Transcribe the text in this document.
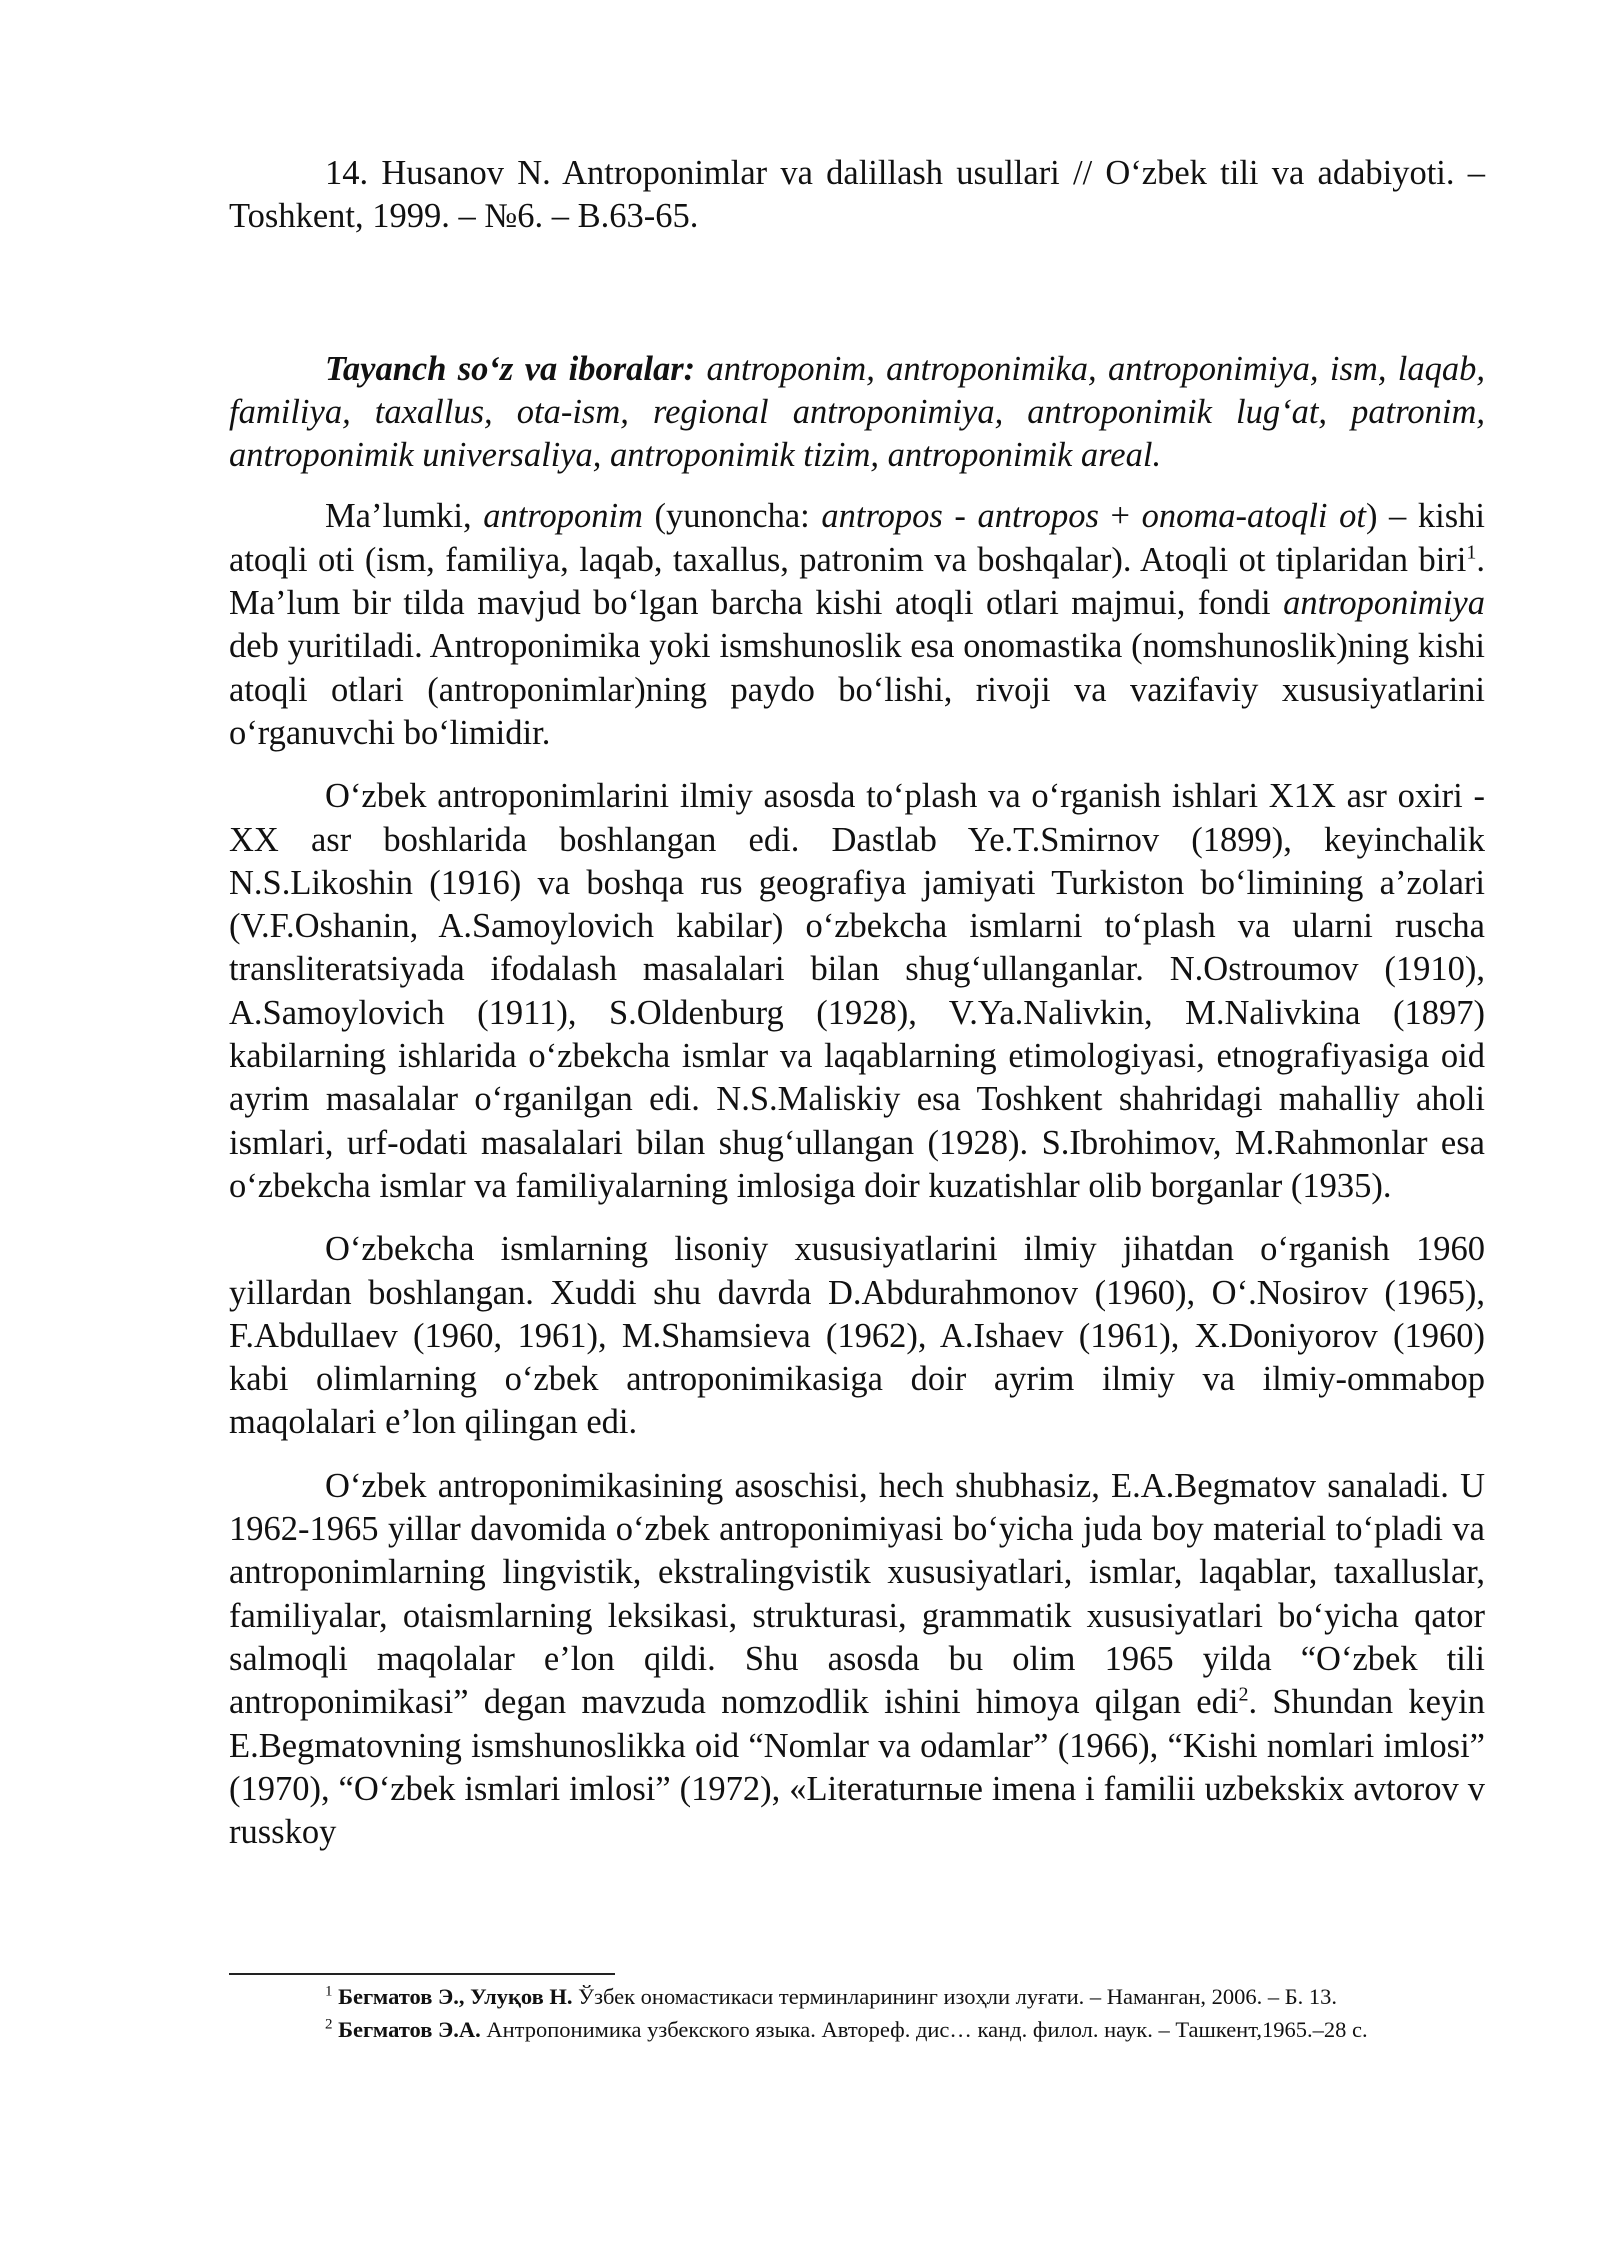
14. Husanov N. Antroponimlar va dalillash usullari // O‘zbek tili va adabiyoti. – Toshkent, 1999. – №6. – B.63-65.

Tayanch so‘z va iboralar: antroponim, antroponimika, antroponimiya, ism, laqab, familiya, taxallus, ota-ism, regional antroponimiya, antroponimik lug‘at, patronim, antroponimik universaliya, antroponimik tizim, antroponimik areal.

Ma’lumki, antroponim (yunoncha: antropos - antropos + onoma-atoqli ot) – kishi atoqli oti (ism, familiya, laqab, taxallus, patronim va boshqalar). Atoqli ot tiplaridan biri$^1$. Ma’lum bir tilda mavjud bo‘lgan barcha kishi atoqli otlari majmui, fondi antroponimiya deb yuritiladi. Antroponimika yoki ismshunoslik esa onomastika (nomshunoslik)ning kishi atoqli otlari (antroponimlar)ning paydo bo‘lishi, rivoji va vazifaviy xususiyatlarini o‘rganuvchi bo‘limidir.

O‘zbek antroponimlarini ilmiy asosda to‘plash va o‘rganish ishlari X1X asr oxiri -XX asr boshlarida boshlangan edi. Dastlab Ye.T.Smirnov (1899), keyinchalik N.S.Likoshin (1916) va boshqa rus geografiya jamiyati Turkiston bo‘limining a’zolari (V.F.Oshanin, A.Samoylovich kabilar) o‘zbekcha ismlarni to‘plash va ularni ruscha transliteratsiyada ifodalash masalalari bilan shug‘ullanganlar. N.Ostroumov (1910), A.Samoylovich (1911), S.Oldenburg (1928), V.Ya.Nalivkin, M.Nalivkina (1897) kabilarning ishlarida o‘zbekcha ismlar va laqablarning etimologiyasi, etnografiyasiga oid ayrim masalalar o‘rganilgan edi. N.S.Maliskiy esa Toshkent shahridagi mahalliy aholi ismlari, urf-odati masalalari bilan shug‘ullangan (1928). S.Ibrohimov, M.Rahmonlar esa o‘zbekcha ismlar va familiyalarning imlosiga doir kuzatishlar olib borganlar (1935).

O‘zbekcha ismlarning lisoniy xususiyatlarini ilmiy jihatdan o‘rganish 1960 yillardan boshlangan. Xuddi shu davrda D.Abdurahmonov (1960), O‘.Nosirov (1965), F.Abdullaev (1960, 1961), M.Shamsieva (1962), A.Ishaev (1961), X.Doniyorov (1960) kabi olimlarning o‘zbek antroponimikasiga doir ayrim ilmiy va ilmiy-ommabop maqolalari e’lon qilingan edi.

O‘zbek antroponimikasining asoschisi, hech shubhasiz, E.A.Begmatov sanaladi. U 1962-1965 yillar davomida o‘zbek antroponimiyasi bo‘yicha juda boy material to‘pladi va antroponimlarning lingvistik, ekstralingvistik xususiyatlari, ismlar, laqablar, taxalluslar, familiyalar, otaismlarning leksikasi, strukturasi, grammatik xususiyatlari bo‘yicha qator salmoqli maqolalar e’lon qildi. Shu asosda bu olim 1965 yilda “O‘zbek tili antroponimikasi” degan mavzuda nomzodlik ishini himoya qilgan edi$^2$. Shundan keyin E.Begmatovning ismshunoslikka oid “Nomlar va odamlar” (1966), “Kishi nomlari imlosi” (1970), “O‘zbek ismlari imlosi” (1972), «Literaturnыe imena i familii uzbekskix avtorov v russkoy

$^1$ Бегматов Э., Улуқов Н. Ўзбек ономастикаси терминларининг изоҳли луғати. – Наманган, 2006. – Б. 13.

$^2$ Бегматов Э.А. Антропонимика узбекского языка. Автореф. дис… канд. филол. наук. – Ташкент,1965.–28 с.
